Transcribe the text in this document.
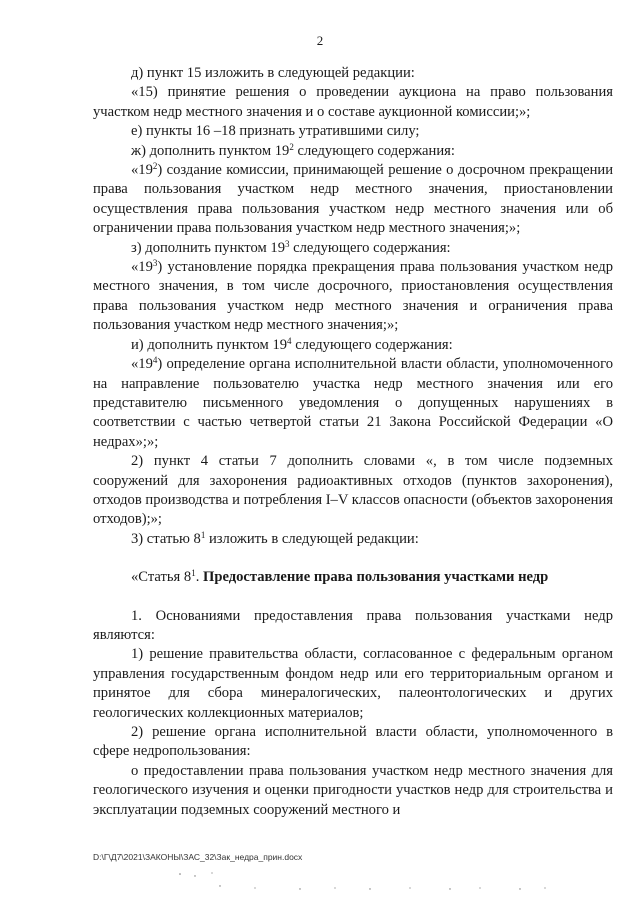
2

д) пункт 15 изложить в следующей редакции:

«15) принятие решения о проведении аукциона на право пользования участком недр местного значения и о составе аукционной комиссии;»;

е) пункты 16 –18 признать утратившими силу;

ж) дополнить пунктом $19^2$ следующего содержания:

«$19^2$) создание комиссии, принимающей решение о досрочном прекращении права пользования участком недр местного значения, приостановлении осуществления права пользования участком недр местного значения или об ограничении права пользования участком недр местного значения;»;

з) дополнить пунктом $19^3$ следующего содержания:

«$19^3$) установление порядка прекращения права пользования участком недр местного значения, в том числе досрочного, приостановления осуществления права пользования участком недр местного значения и ограничения права пользования участком недр местного значения;»;

и) дополнить пунктом $19^4$ следующего содержания:

«$19^4$) определение органа исполнительной власти области, уполномоченного на направление пользователю участка недр местного значения или его представителю письменного уведомления о допущенных нарушениях в соответствии с частью четвертой статьи 21 Закона Российской Федерации «О недрах»;»;

2) пункт 4 статьи 7 дополнить словами «, в том числе подземных сооружений для захоронения радиоактивных отходов (пунктов захоронения), отходов производства и потребления I–V классов опасности (объектов захоронения отходов);»;

3) статью $8^1$ изложить в следующей редакции:

«Статья $8^1$. Предоставление права пользования участками недр

1. Основаниями предоставления права пользования участками недр являются:

1) решение правительства области, согласованное с федеральным органом управления государственным фондом недр или его территориальным органом и принятое для сбора минералогических, палеонтологических и других геологических коллекционных материалов;

2) решение органа исполнительной власти области, уполномоченного в сфере недропользования:

о предоставлении права пользования участком недр местного значения для геологического изучения и оценки пригодности участков недр для строительства и эксплуатации подземных сооружений местного и

D:\Г\Д7\2021\ЗАКОНЫ\ЗАС_32\Зак_недра_прин.docx
